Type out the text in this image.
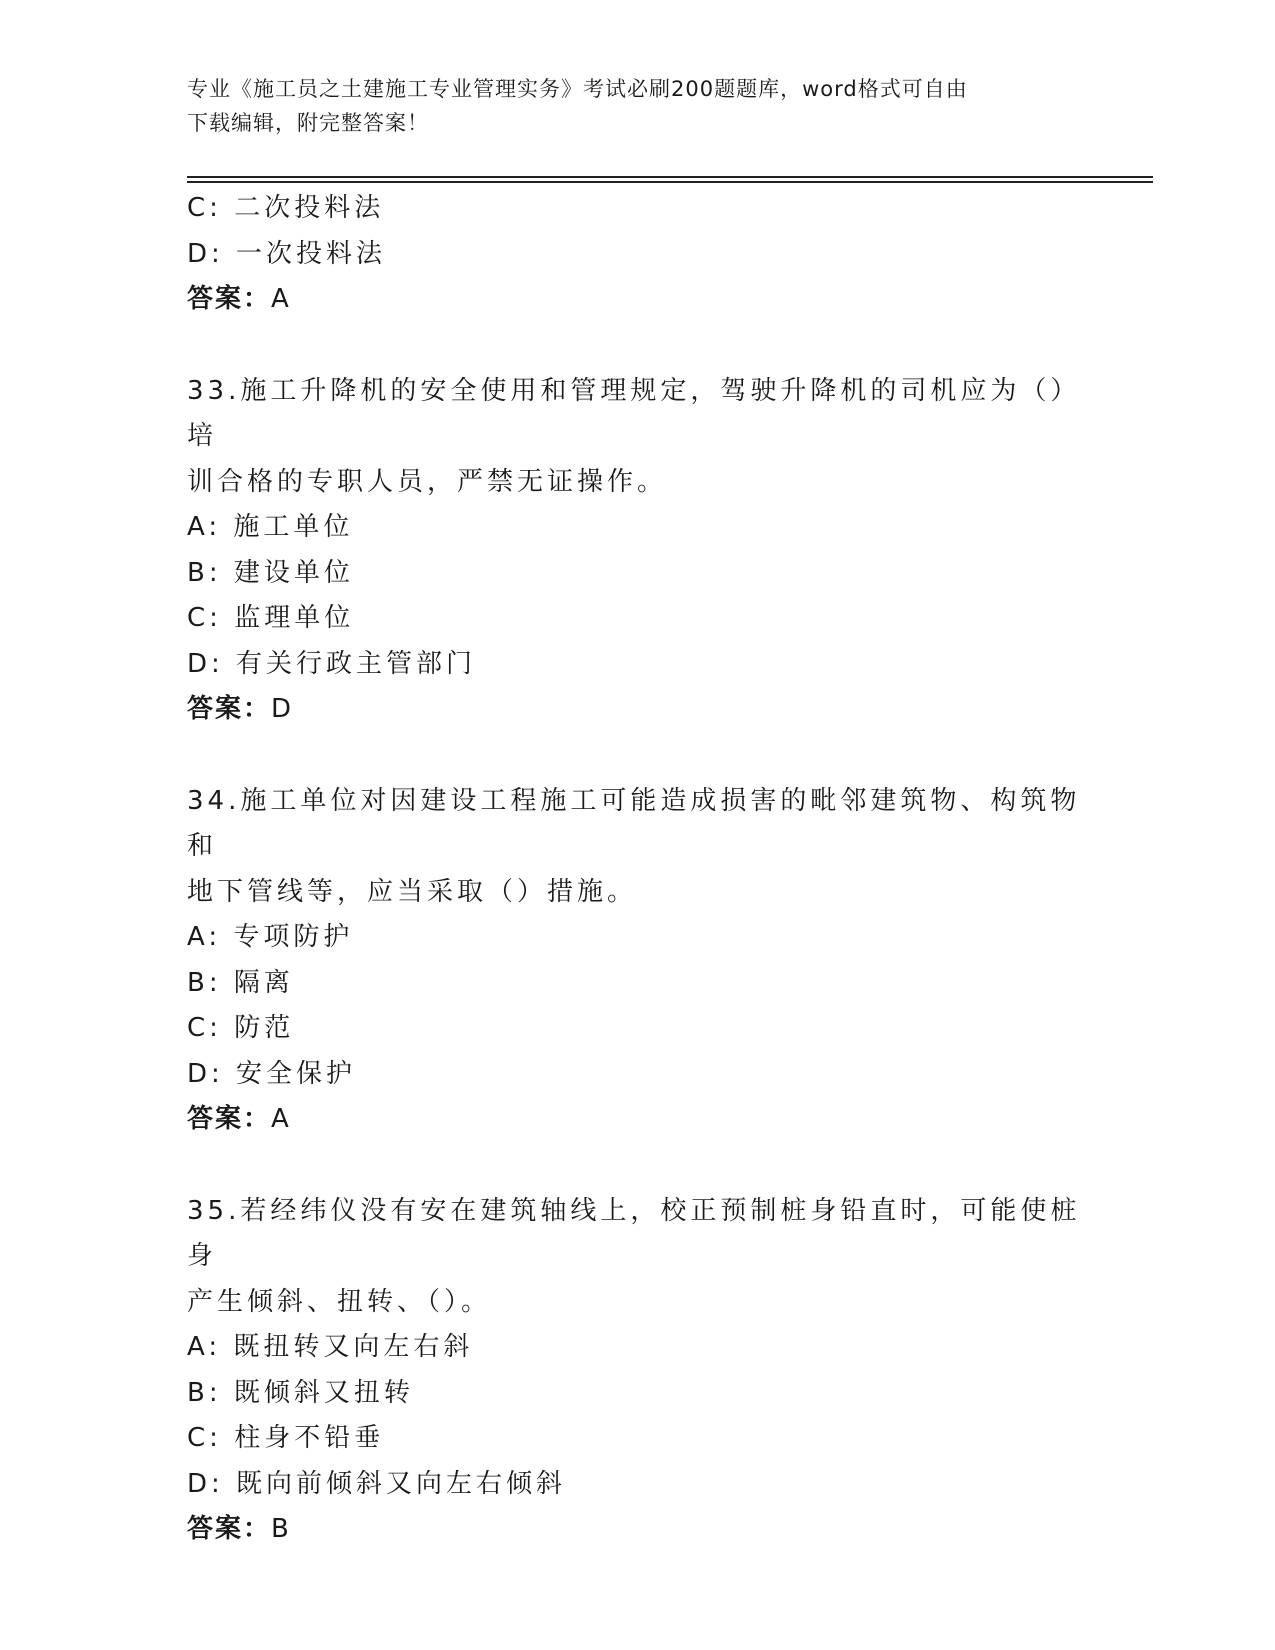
专业《施工员之土建施工专业管理实务》考试必刷200题题库，word格式可自由
下载编辑，附完整答案！
C: 二次投料法
D: 一次投料法
答案：A
33.施工升降机的安全使用和管理规定，驾驶升降机的司机应为（）培
训合格的专职人员，严禁无证操作。
A: 施工单位
B: 建设单位
C: 监理单位
D: 有关行政主管部门
答案：D
34.施工单位对因建设工程施工可能造成损害的毗邻建筑物、构筑物和
地下管线等，应当采取（）措施。
A: 专项防护
B: 隔离
C: 防范
D: 安全保护
答案：A
35.若经纬仪没有安在建筑轴线上，校正预制桩身铅直时，可能使桩身
产生倾斜、扭转、（）。
A: 既扭转又向左右斜
B: 既倾斜又扭转
C: 柱身不铅垂
D: 既向前倾斜又向左右倾斜
答案：B
